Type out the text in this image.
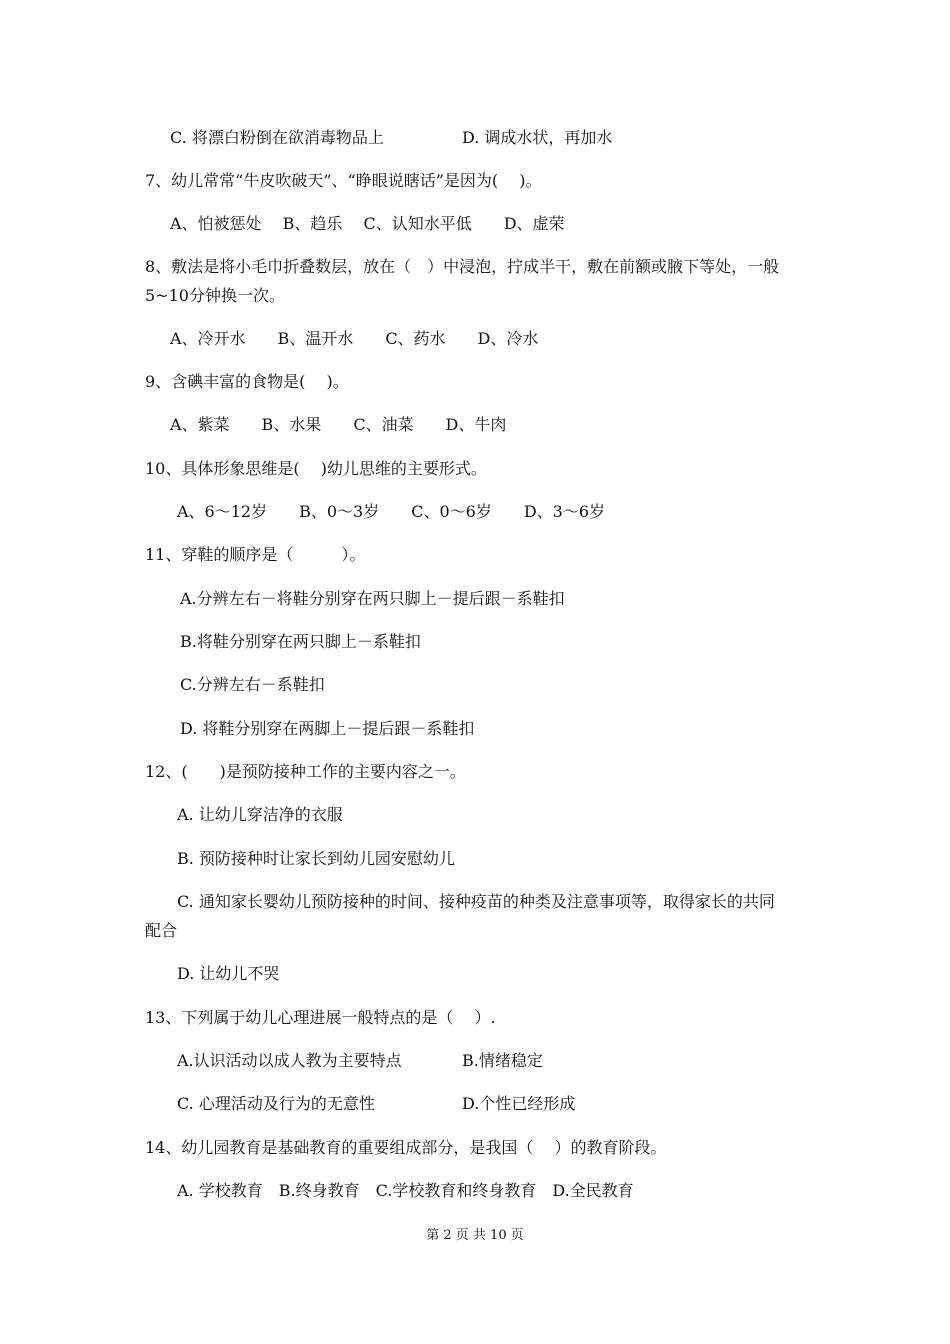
C. 将漂白粉倒在欲消毒物品上	D. 调成水状，再加水
7、幼儿常常“牛皮吹破天”、“睁眼说瞎话”是因为(　 )。
A、怕被惩处　 B、趋乐　 C、认知水平低　　D、虚荣
8、敷法是将小毛巾折叠数层，放在（　）中浸泡，拧成半干，敷在前额或腋下等处，一般
5~10分钟换一次。
A、冷开水　　B、温开水　　C、药水　　D、冷水
9、含碘丰富的食物是(　 )。
A、紫菜　　B、水果　　C、油菜　　D、牛肉
10、具体形象思维是(　 )幼儿思维的主要形式。
A、6～12岁　　B、0～3岁　　C、0～6岁　　D、3～6岁
11、穿鞋的顺序是（　　　）。
A.分辨左右－将鞋分别穿在两只脚上－提后跟－系鞋扣
B.将鞋分别穿在两只脚上－系鞋扣
C.分辨左右－系鞋扣
D. 将鞋分别穿在两脚上－提后跟－系鞋扣
12、(　　)是预防接种工作的主要内容之一。
A. 让幼儿穿洁净的衣服
B. 预防接种时让家长到幼儿园安慰幼儿
C. 通知家长婴幼儿预防接种的时间、接种疫苗的种类及注意事项等，取得家长的共同
配合
D. 让幼儿不哭
13、下列属于幼儿心理进展一般特点的是（　 ）.
A.认识活动以成人教为主要特点	B.情绪稳定
C. 心理活动及行为的无意性	D.个性已经形成
14、幼儿园教育是基础教育的重要组成部分，是我国（　 ）的教育阶段。
A. 学校教育　B.终身教育　C.学校教育和终身教育　D.全民教育
第 2 页 共 10 页
